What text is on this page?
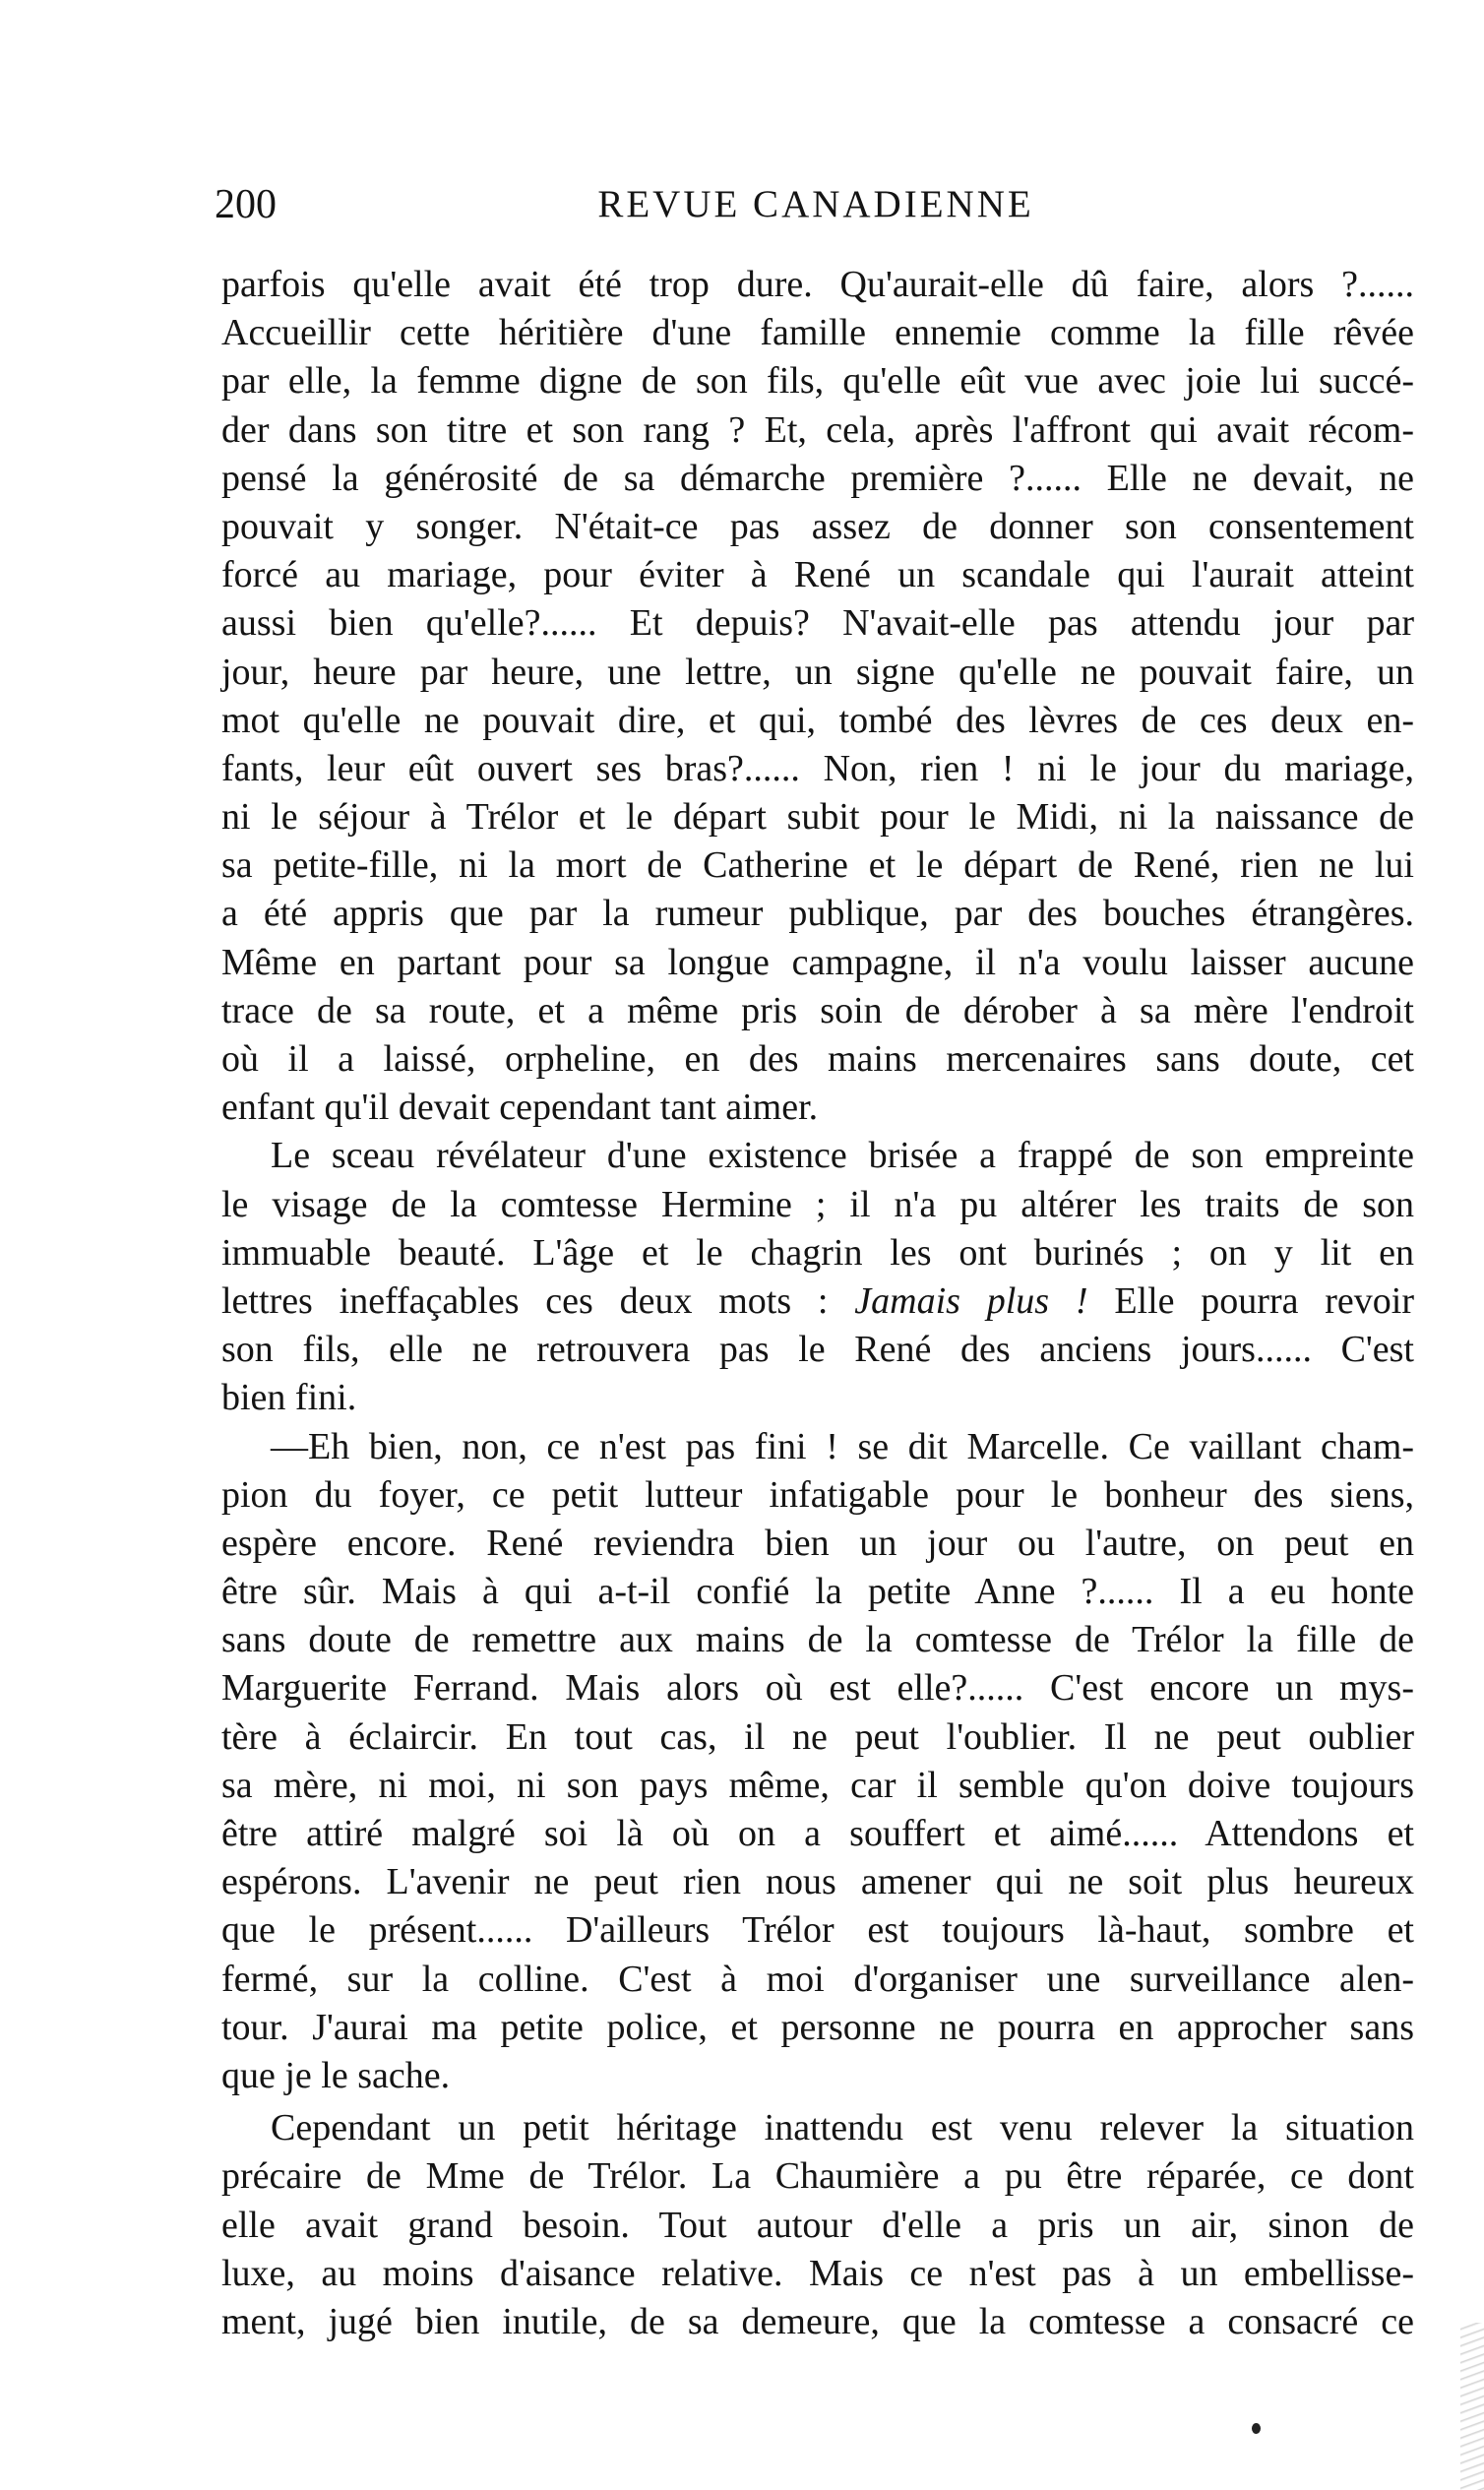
200	REVUE CANADIENNE
parfois qu'elle avait été trop dure. Qu'aurait-elle dû faire, alors ?......
Accueillir cette héritière d'une famille ennemie comme la fille rêvée
par elle, la femme digne de son fils, qu'elle eût vue avec joie lui succé-
der dans son titre et son rang ? Et, cela, après l'affront qui avait récom-
pensé la générosité de sa démarche première ?...... Elle ne devait, ne
pouvait y songer. N'était-ce pas assez de donner son consentement
forcé au mariage, pour éviter à René un scandale qui l'aurait atteint
aussi bien qu'elle?...... Et depuis? N'avait-elle pas attendu jour par
jour, heure par heure, une lettre, un signe qu'elle ne pouvait faire, un
mot qu'elle ne pouvait dire, et qui, tombé des lèvres de ces deux en-
fants, leur eût ouvert ses bras?...... Non, rien ! ni le jour du mariage,
ni le séjour à Trélor et le départ subit pour le Midi, ni la naissance de
sa petite-fille, ni la mort de Catherine et le départ de René, rien ne lui
a été appris que par la rumeur publique, par des bouches étrangères.
Même en partant pour sa longue campagne, il n'a voulu laisser aucune
trace de sa route, et a même pris soin de dérober à sa mère l'endroit
où il a laissé, orpheline, en des mains mercenaires sans doute, cet
enfant qu'il devait cependant tant aimer.
Le sceau révélateur d'une existence brisée a frappé de son empreinte
le visage de la comtesse Hermine ; il n'a pu altérer les traits de son
immuable beauté. L'âge et le chagrin les ont burinés ; on y lit en
lettres ineffaçables ces deux mots : Jamais plus ! Elle pourra revoir
son fils, elle ne retrouvera pas le René des anciens jours...... C'est
bien fini.
—Eh bien, non, ce n'est pas fini ! se dit Marcelle. Ce vaillant cham-
pion du foyer, ce petit lutteur infatigable pour le bonheur des siens,
espère encore. René reviendra bien un jour ou l'autre, on peut en
être sûr. Mais à qui a-t-il confié la petite Anne ?...... Il a eu honte
sans doute de remettre aux mains de la comtesse de Trélor la fille de
Marguerite Ferrand. Mais alors où est elle?...... C'est encore un mys-
tère à éclaircir. En tout cas, il ne peut l'oublier. Il ne peut oublier
sa mère, ni moi, ni son pays même, car il semble qu'on doive toujours
être attiré malgré soi là où on a souffert et aimé...... Attendons et
espérons. L'avenir ne peut rien nous amener qui ne soit plus heureux
que le présent...... D'ailleurs Trélor est toujours là-haut, sombre et
fermé, sur la colline. C'est à moi d'organiser une surveillance alen-
tour. J'aurai ma petite police, et personne ne pourra en approcher sans
que je le sache.
Cependant un petit héritage inattendu est venu relever la situation
précaire de Mme de Trélor. La Chaumière a pu être réparée, ce dont
elle avait grand besoin. Tout autour d'elle a pris un air, sinon de
luxe, au moins d'aisance relative. Mais ce n'est pas à un embellisse-
ment, jugé bien inutile, de sa demeure, que la comtesse a consacré ce
